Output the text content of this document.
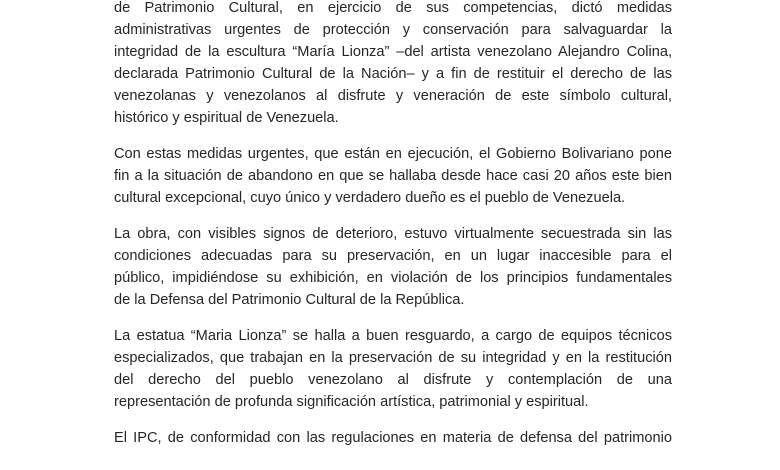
de Patrimonio Cultural, en ejercicio de sus competencias, dictó medidas
administrativas urgentes de protección y conservación para salvaguardar la
integridad de la escultura “María Lionza” –del artista venezolano Alejandro Colina,
declarada Patrimonio Cultural de la Nación– y a fin de restituir el derecho de las
venezolanas y venezolanos al disfrute y veneración de este símbolo cultural,
histórico y espiritual de Venezuela.
Con estas medidas urgentes, que están en ejecución, el Gobierno Bolivariano pone
fin a la situación de abandono en que se hallaba desde hace casi 20 años este bien
cultural excepcional, cuyo único y verdadero dueño es el pueblo de Venezuela.
La obra, con visibles signos de deterioro, estuvo virtualmente secuestrada sin las
condiciones adecuadas para su preservación, en un lugar inaccesible para el
público, impidiéndose su exhibición, en violación de los principios fundamentales
de la Defensa del Patrimonio Cultural de la República.
La estatua “Maria Lionza” se halla a buen resguardo, a cargo de equipos técnicos
especializados, que trabajan en la preservación de su integridad y en la restitución
del derecho del pueblo venezolano al disfrute y contemplación de una
representación de profunda significación artística, patrimonial y espiritual.
El IPC, de conformidad con las regulaciones en materia de defensa del patrimonio
